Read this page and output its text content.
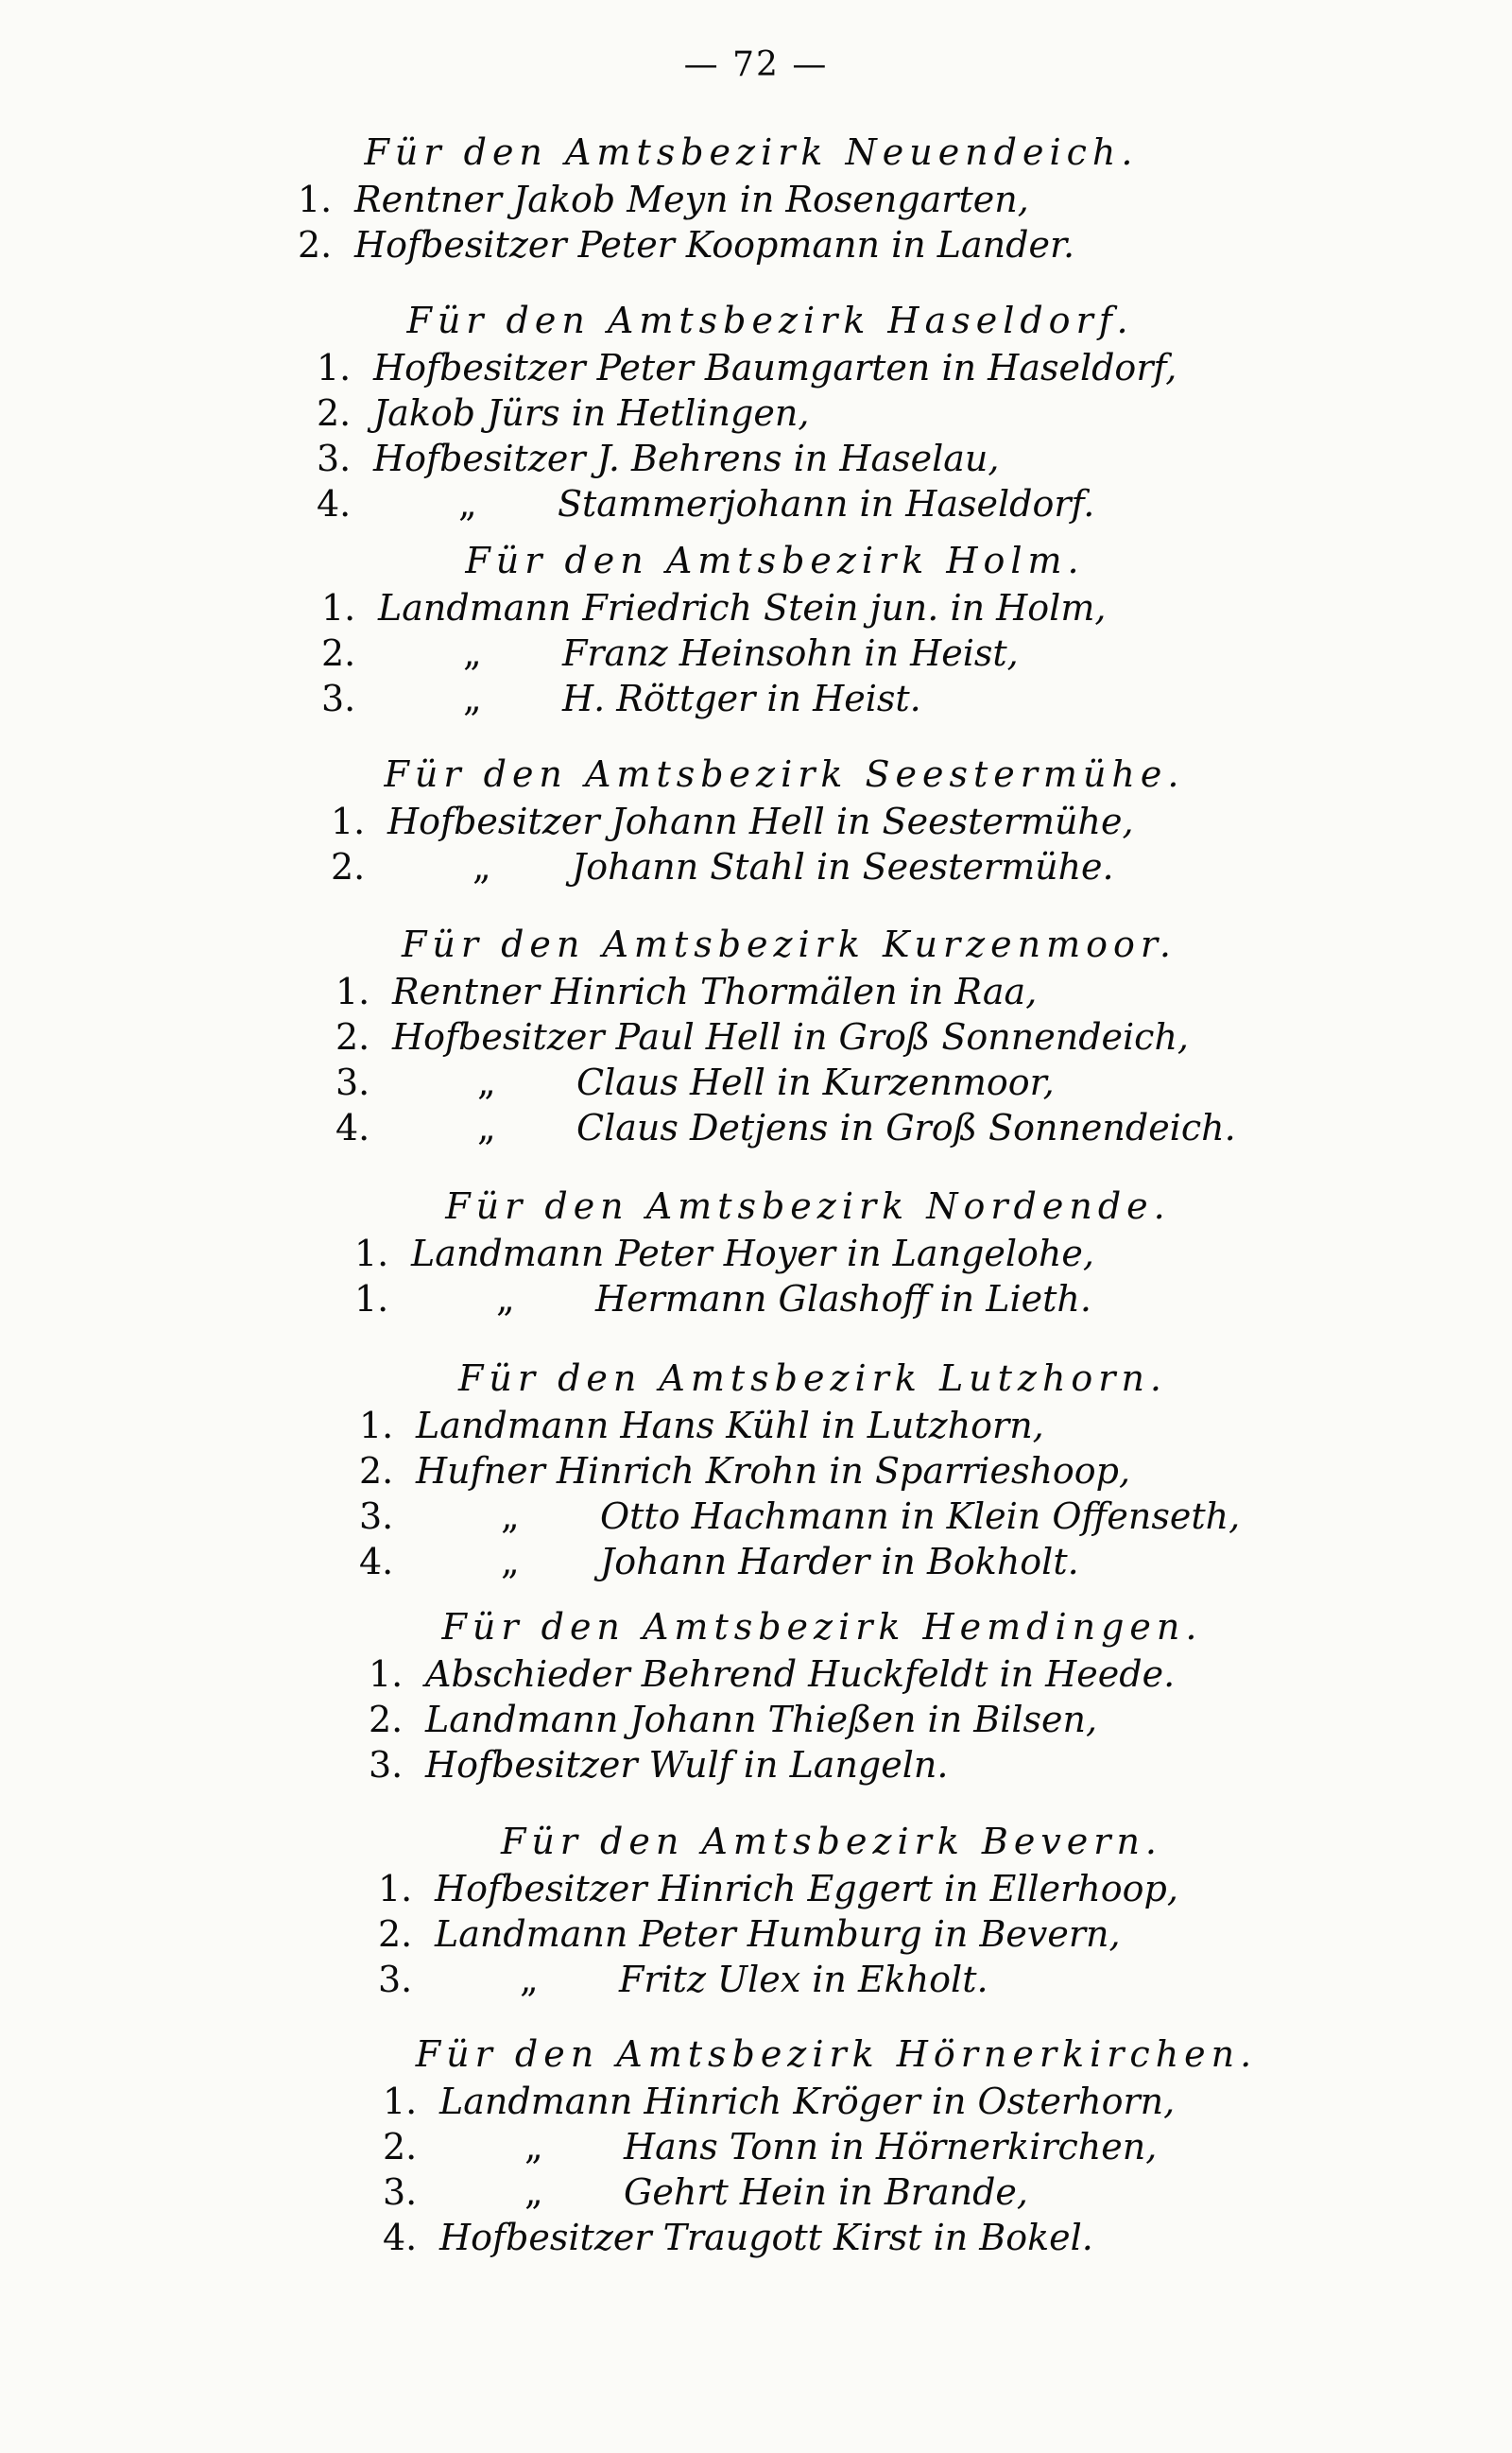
— 72 —
Für den Amtsbezirk Neuendeich.
1. Rentner Jakob Meyn in Rosengarten,
2. Hofbesitzer Peter Koopmann in Lander.
Für den Amtsbezirk Haseldorf.
1. Hofbesitzer Peter Baumgarten in Haseldorf,
2. Jakob Jürs in Hetlingen,
3. Hofbesitzer J. Behrens in Haselau,
4.	„ Stammerjohann in Haseldorf.
Für den Amtsbezirk Holm.
1. Landmann Friedrich Stein jun. in Holm,
2.	„ Franz Heinsohn in Heist,
3.	„ H. Röttger in Heist.
Für den Amtsbezirk Seestermühe.
1. Hofbesitzer Johann Hell in Seestermühe,
2.	„ Johann Stahl in Seestermühe.
Für den Amtsbezirk Kurzenmoor.
1. Rentner Hinrich Thormälen in Raa,
2. Hofbesitzer Paul Hell in Groß Sonnendeich,
3.	„ Claus Hell in Kurzenmoor,
4.	„ Claus Detjens in Groß Sonnendeich.
Für den Amtsbezirk Nordende.
1. Landmann Peter Hoyer in Langelohe,
1.	„ Hermann Glashoff in Lieth.
Für den Amtsbezirk Lutzhorn.
1. Landmann Hans Kühl in Lutzhorn,
2. Hufner Hinrich Krohn in Sparrieshoop,
3.	„ Otto Hachmann in Klein Offenseth,
4.	„ Johann Harder in Bokholt.
Für den Amtsbezirk Hemdingen.
1. Abschieder Behrend Huckfeldt in Heede.
2. Landmann Johann Thießen in Bilsen,
3. Hofbesitzer Wulf in Langeln.
Für den Amtsbezirk Bevern.
1. Hofbesitzer Hinrich Eggert in Ellerhoop,
2. Landmann Peter Humburg in Bevern,
3.	„ Fritz Ulex in Ekholt.
Für den Amtsbezirk Hörnerkirchen.
1. Landmann Hinrich Kröger in Osterhorn,
2.	„ Hans Tonn in Hörnerkirchen,
3.	„ Gehrt Hein in Brande,
4. Hofbesitzer Traugott Kirst in Bokel.
